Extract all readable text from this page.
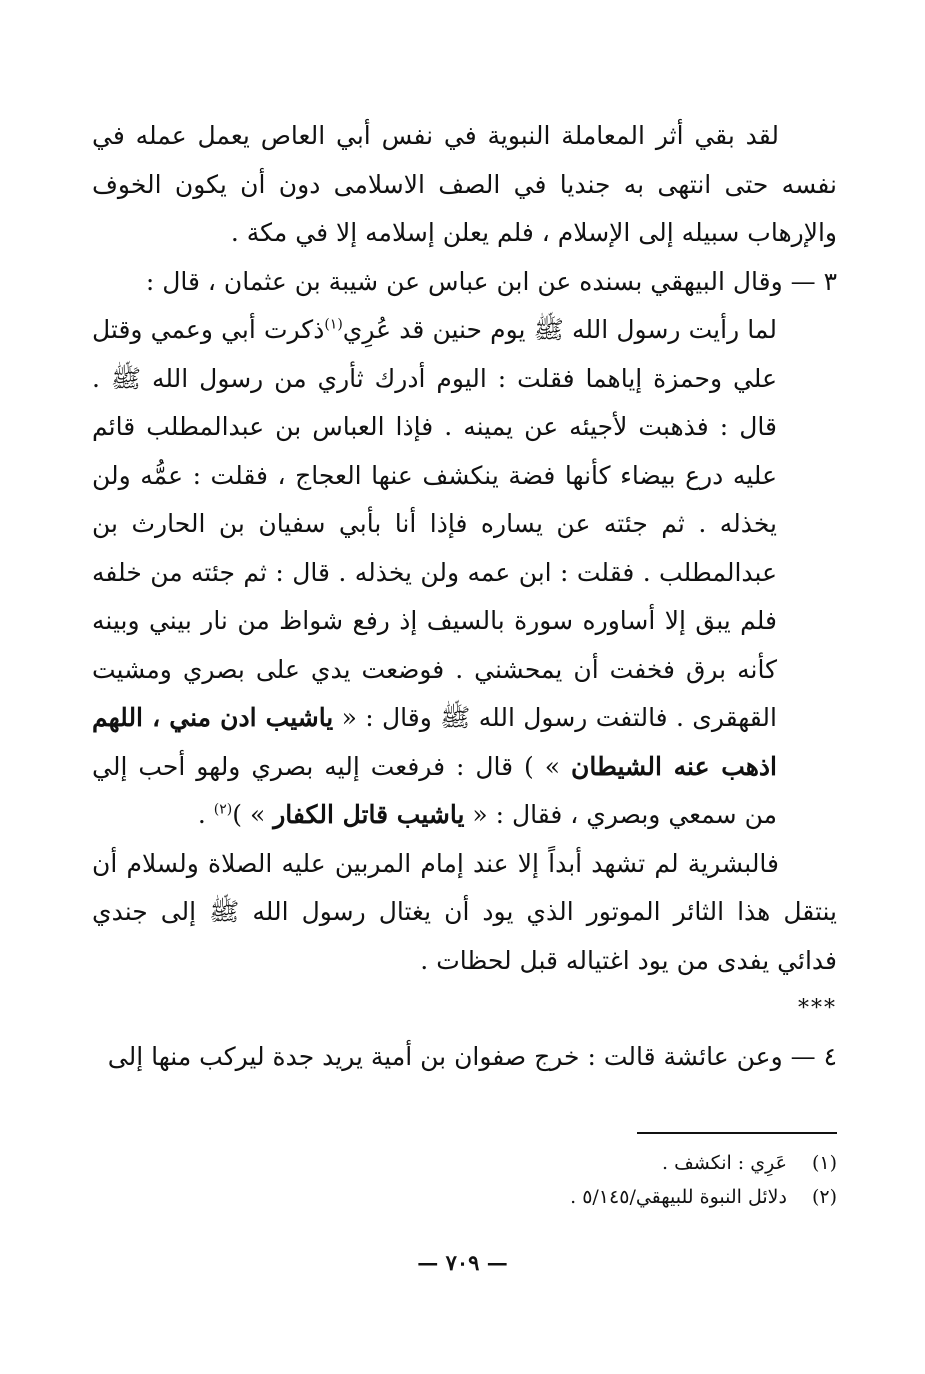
لقد بقي أثر المعاملة النبوية في نفس أبي العاص يعمل عمله في نفسه حتى انتهى به جنديا في الصف الاسلامى دون أن يكون الخوف والإرهاب سبيله إلى الإسلام ، فلم يعلن إسلامه إلا في مكة .

٣ — وقال البيهقي بسنده عن ابن عباس عن شيبة بن عثمان ، قال :

لما رأيت رسول الله ﷺ يوم حنين قد عُرِي$^{(١)}$ذكرت أبي وعمي وقتل علي وحمزة إياهما فقلت : اليوم أدرك ثأري من رسول الله ﷺ . قال : فذهبت لأجيئه عن يمينه . فإذا العباس بن عبدالمطلب قائم عليه درع بيضاء كأنها فضة ينكشف عنها العجاج ، فقلت : عمُّه ولن يخذله . ثم جئته عن يساره فإذا أنا بأبي سفيان بن الحارث بن عبدالمطلب . فقلت : ابن عمه ولن يخذله . قال : ثم جئته من خلفه فلم يبق إلا أساوره سورة بالسيف إذ رفع شواظ من نار بيني وبينه كأنه برق فخفت أن يمحشني . فوضعت يدي على بصري ومشيت القهقرى . فالتفت رسول الله ﷺ وقال : « ياشيب ادن مني ، اللهم اذهب عنه الشيطان » ) قال : فرفعت إليه بصري ولهو أحب إلي من سمعي وبصري ، فقال : « ياشيب قاتل الكفار » )$^{(٢)}$ .

فالبشرية لم تشهد أبداً إلا عند إمام المربين عليه الصلاة ولسلام أن ينتقل هذا الثائر الموتور الذي يود أن يغتال رسول الله ﷺ إلى جندي فدائي يفدى من يود اغتياله قبل لحظات .

***

٤ — وعن عائشة قالت : خرج صفوان بن أمية يريد جدة ليركب منها إلى

(١) عَرِي : انكشف .

(٢) دلائل النبوة للبيهقي/٥/١٤٥ .

— ٧٠٩ —
